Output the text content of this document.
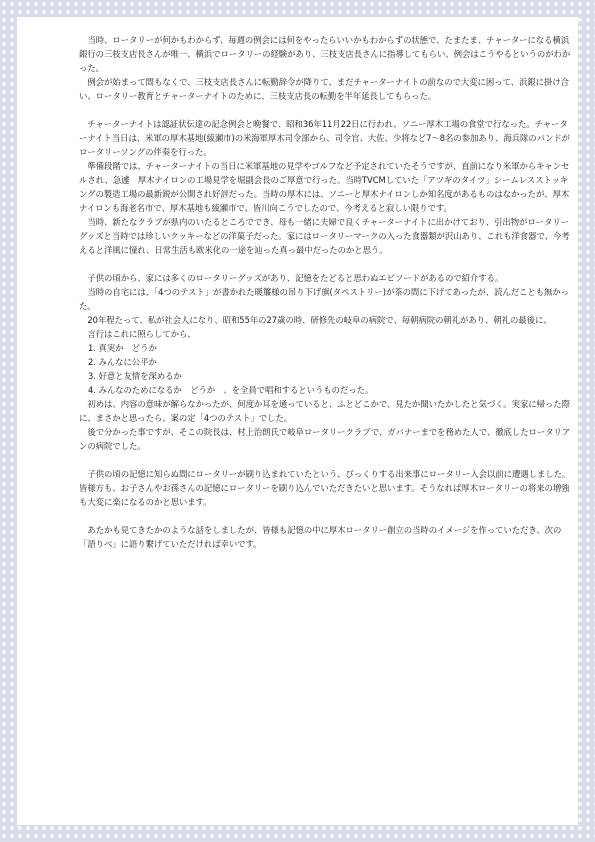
当時、ロータリーが何かもわからず、毎週の例会には何をやったらいいかもわからずの状態で、たまたま、チャーターになる横浜銀行の三枝支店長さんが唯一、横浜でロータリーの経験があり、三枝支店長さんに指導してもらい、例会はこうやるというのがわかった。

例会が始まって間もなくで、三枝支店長さんに転勤辞令が降りて、まだチャーターナイトの前なので大変に困って、浜銀に掛け合い、ロータリー教育とチャーターナイトのために、三枝支店長の転勤を半年延長してもらった。

チャーターナイトは認証状伝達の記念例会と晩餐で、昭和36年11月22日に行われ、ソニー厚木工場の食堂で行なった。チャーターナイト当日は、米軍の厚木基地(綾瀬市)の米海軍厚木司令部から、司令官、大佐、少将など7～8名の参加あり、海兵隊のバンドがロータリーソングの伴奏を行った。

準備段階では、チャーターナイトの当日に米軍基地の見学やゴルフなど予定されていたそうですが、直前になり米軍からキャンセルされ、急遽　厚木ナイロンの工場見学を堀副会長のご厚意で行った。当時TVCMしていた「アツギのタイツ」シームレスストッキングの製造工場の最新鋭が公開され好評だった。当時の厚木には、ソニーと厚木ナイロンしか知名度があるものはなかったが、厚木ナイロンも海老名市で、厚木基地も綾瀬市で、皆川向こうでしたので、今考えると寂しい限りです。

当時、新たなクラブが県内のいたるところででき、母も一緒に夫婦で良くチャーターナイトに出かけており、引出物がロータリーグッズと当時では珍しいクッキーなどの洋菓子だった。家にはロータリーマークの入った食器類が沢山あり、これも洋食器で、今考えると洋風に憧れ、日常生活も欧米化の一途を辿った真っ最中だったのかと思う。

子供の頃から、家には多くのロータリーグッズがあり、記憶をたどると思わぬエピソードがあるので紹介する。

当時の自宅には、「4つのテスト」が書かれた暖簾様の吊り下げ旗(タペストリー)が茶の間に下げてあったが、読んだことも無かった。

20年程たって、私が社会人になり、昭和55年の27歳の時、研修先の岐阜の病院で、毎朝病院の朝礼があり、朝礼の最後に、

言行はこれに照らしてから、

1. 真実か　どうか

2. みんなに公平か

3. 好意と友情を深めるか

4. みんなのためになるか　どうか　、を全員で唱和するというものだった。

初めは、内容の意味が解らなかったが、何度か耳を通っていると、ふとどこかで、見たか聞いたかしたと気づく。実家に帰った際に、まさかと思ったら、案の定「4つのテスト」でした。

後で分かった事ですが、そこの院長は、村上治朗氏で岐阜ロータリークラブで、ガバナーまでを務めた人で、徹底したロータリアンの病院でした。

子供の頃の記憶に知らぬ間にロータリーが刷り込まれていたという、びっくりする出来事にロータリー入会以前に遭遇しました。皆様方も、お子さんやお孫さんの記憶にロータリーを刷り込んでいただきたいと思います。そうなれば厚木ロータリーの将来の増強も大変に楽になるのかと思います。

あたかも見てきたかのような話をしましたが、皆様も記憶の中に厚木ロータリー創立の当時のイメージを作っていただき、次の「語りべ」に語り繋げていただければ幸いです。
